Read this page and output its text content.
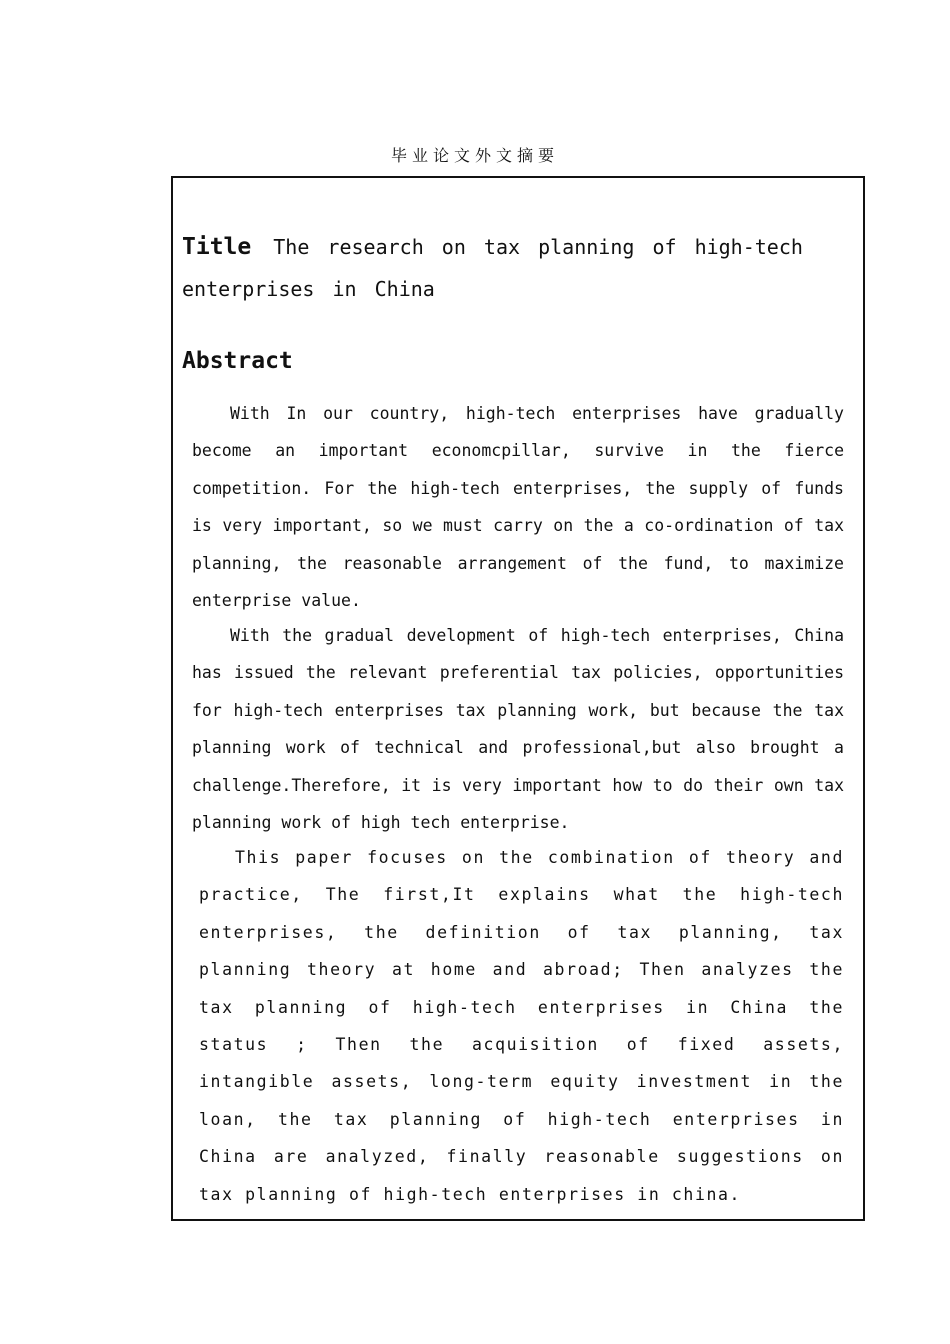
毕业论文外文摘要
Title The research on tax planning of high-tech enterprises in China
Abstract

With In our country, high-tech enterprises have gradually become an important economcpillar, survive in the fierce competition. For the high-tech enterprises, the supply of funds is very important, so we must carry on the a co-ordination of tax planning, the reasonable arrangement of the fund, to maximize enterprise value.

With the gradual development of high-tech enterprises, China has issued the relevant preferential tax policies, opportunities for high-tech enterprises tax planning work, but because the tax planning work of technical and professional,but also brought a challenge.Therefore, it is very important how to do their own tax planning work of high tech enterprise.

This paper focuses on the combination of theory and practice, The first,It explains what the high-tech enterprises, the definition of tax planning, tax planning theory at home and abroad; Then analyzes the tax planning of high-tech enterprises in China the status ; Then the acquisition of fixed assets, intangible assets, long-term equity investment in the loan, the tax planning of high-tech enterprises in China are analyzed, finally reasonable suggestions on tax planning of high-tech enterprises in china.
